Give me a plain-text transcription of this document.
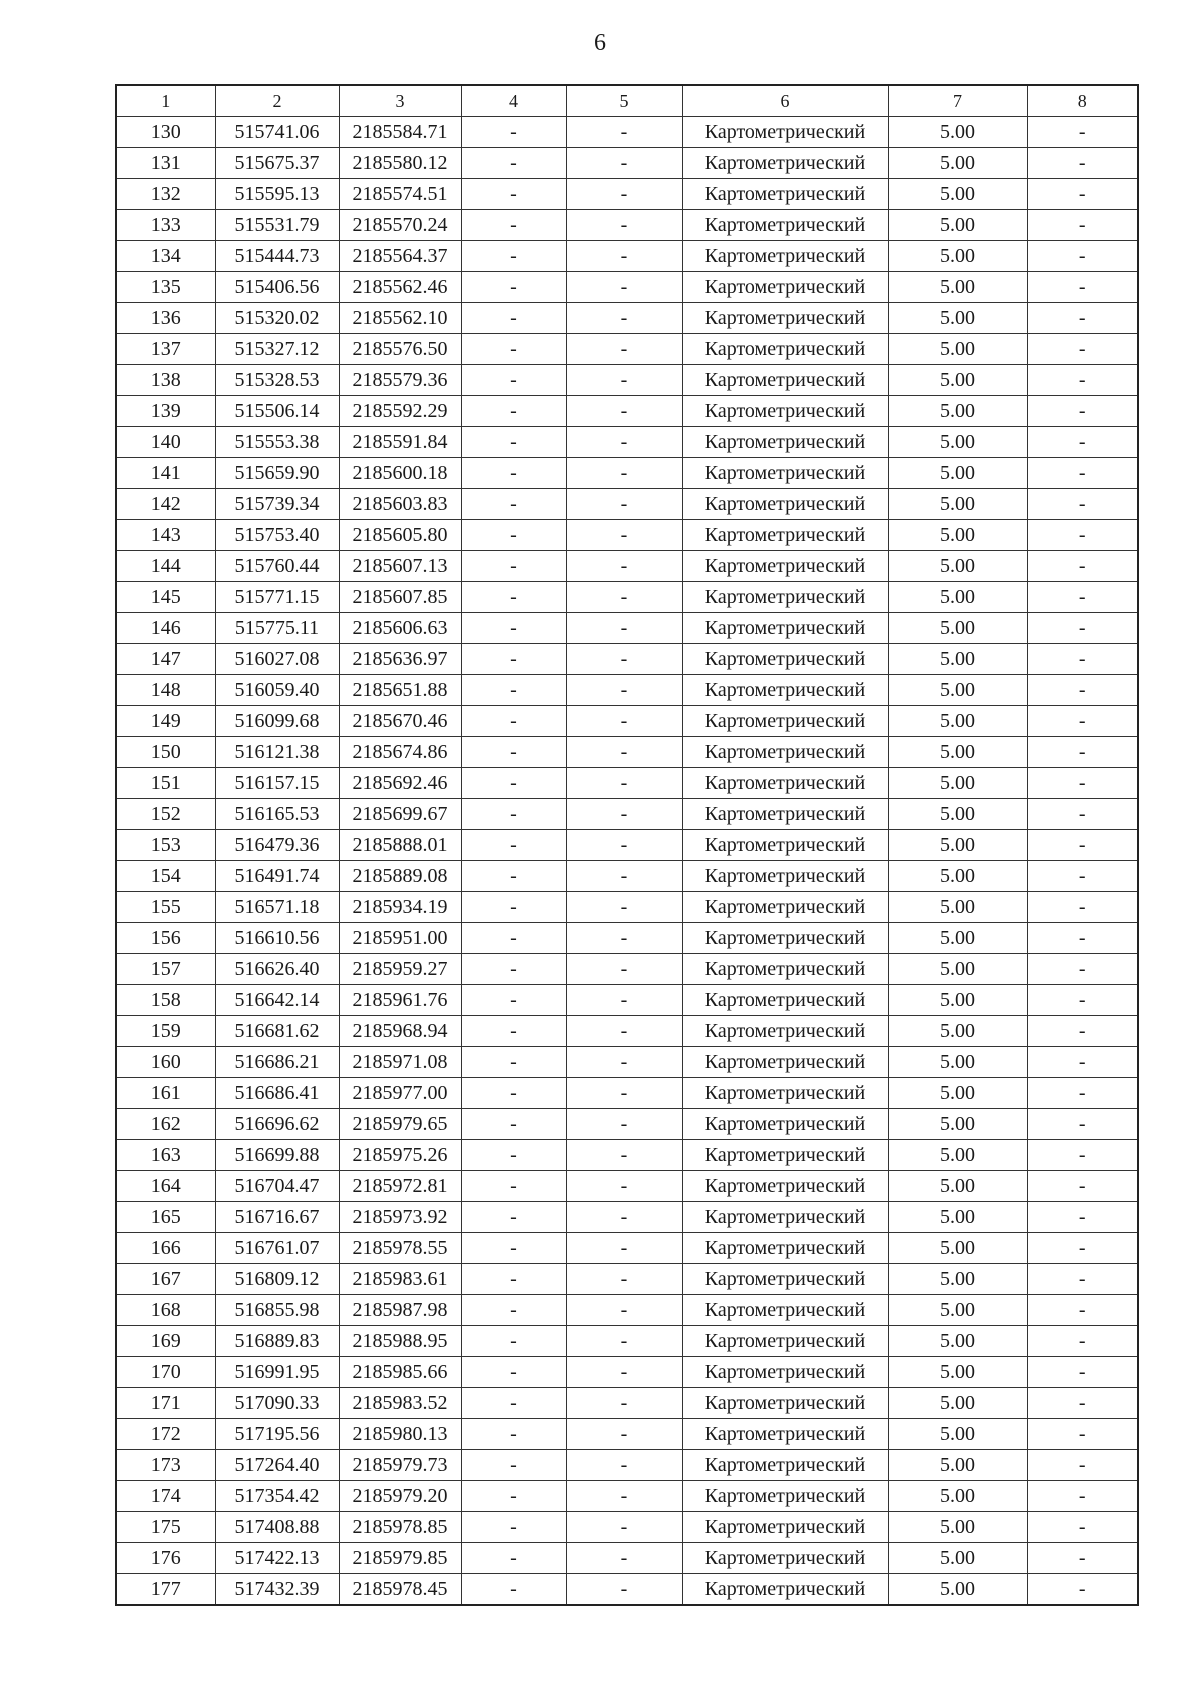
6
1	2	3	4	5	6	7	8
130	515741.06	2185584.71	-	-	Картометрический	5.00	-
131	515675.37	2185580.12	-	-	Картометрический	5.00	-
132	515595.13	2185574.51	-	-	Картометрический	5.00	-
133	515531.79	2185570.24	-	-	Картометрический	5.00	-
134	515444.73	2185564.37	-	-	Картометрический	5.00	-
135	515406.56	2185562.46	-	-	Картометрический	5.00	-
136	515320.02	2185562.10	-	-	Картометрический	5.00	-
137	515327.12	2185576.50	-	-	Картометрический	5.00	-
138	515328.53	2185579.36	-	-	Картометрический	5.00	-
139	515506.14	2185592.29	-	-	Картометрический	5.00	-
140	515553.38	2185591.84	-	-	Картометрический	5.00	-
141	515659.90	2185600.18	-	-	Картометрический	5.00	-
142	515739.34	2185603.83	-	-	Картометрический	5.00	-
143	515753.40	2185605.80	-	-	Картометрический	5.00	-
144	515760.44	2185607.13	-	-	Картометрический	5.00	-
145	515771.15	2185607.85	-	-	Картометрический	5.00	-
146	515775.11	2185606.63	-	-	Картометрический	5.00	-
147	516027.08	2185636.97	-	-	Картометрический	5.00	-
148	516059.40	2185651.88	-	-	Картометрический	5.00	-
149	516099.68	2185670.46	-	-	Картометрический	5.00	-
150	516121.38	2185674.86	-	-	Картометрический	5.00	-
151	516157.15	2185692.46	-	-	Картометрический	5.00	-
152	516165.53	2185699.67	-	-	Картометрический	5.00	-
153	516479.36	2185888.01	-	-	Картометрический	5.00	-
154	516491.74	2185889.08	-	-	Картометрический	5.00	-
155	516571.18	2185934.19	-	-	Картометрический	5.00	-
156	516610.56	2185951.00	-	-	Картометрический	5.00	-
157	516626.40	2185959.27	-	-	Картометрический	5.00	-
158	516642.14	2185961.76	-	-	Картометрический	5.00	-
159	516681.62	2185968.94	-	-	Картометрический	5.00	-
160	516686.21	2185971.08	-	-	Картометрический	5.00	-
161	516686.41	2185977.00	-	-	Картометрический	5.00	-
162	516696.62	2185979.65	-	-	Картометрический	5.00	-
163	516699.88	2185975.26	-	-	Картометрический	5.00	-
164	516704.47	2185972.81	-	-	Картометрический	5.00	-
165	516716.67	2185973.92	-	-	Картометрический	5.00	-
166	516761.07	2185978.55	-	-	Картометрический	5.00	-
167	516809.12	2185983.61	-	-	Картометрический	5.00	-
168	516855.98	2185987.98	-	-	Картометрический	5.00	-
169	516889.83	2185988.95	-	-	Картометрический	5.00	-
170	516991.95	2185985.66	-	-	Картометрический	5.00	-
171	517090.33	2185983.52	-	-	Картометрический	5.00	-
172	517195.56	2185980.13	-	-	Картометрический	5.00	-
173	517264.40	2185979.73	-	-	Картометрический	5.00	-
174	517354.42	2185979.20	-	-	Картометрический	5.00	-
175	517408.88	2185978.85	-	-	Картометрический	5.00	-
176	517422.13	2185979.85	-	-	Картометрический	5.00	-
177	517432.39	2185978.45	-	-	Картометрический	5.00	-
